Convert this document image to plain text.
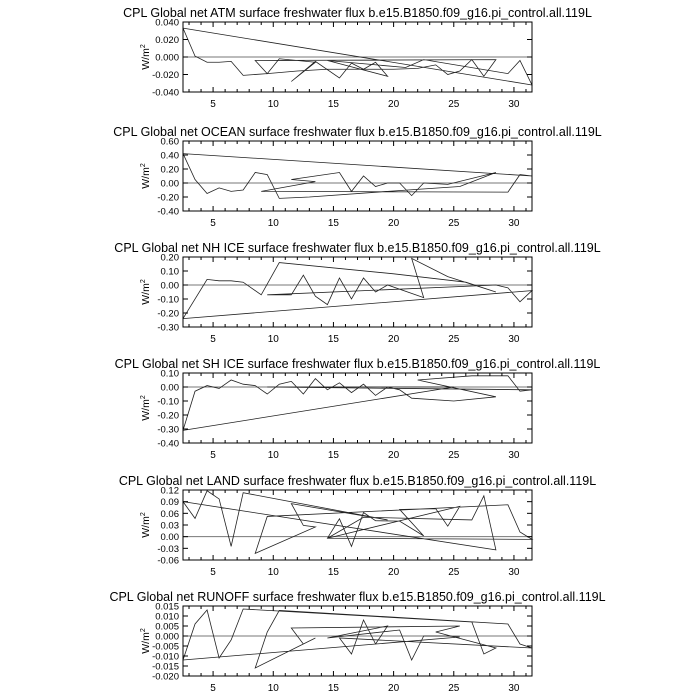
CPL Global net ATM surface freshwater flux b.e15.B1850.f09_g16.pi_control.all.119L
5	10	15	20	25	30
0.040
0.020
0.000
-0.020
-0.040
$W/m^2$
CPL Global net OCEAN surface freshwater flux b.e15.B1850.f09_g16.pi_control.all.119L
5	10	15	20	25	30
0.60
0.40
0.20
0.00
-0.20
-0.40
$W/m^2$
CPL Global net NH ICE surface freshwater flux b.e15.B1850.f09_g16.pi_control.all.119L
5	10	15	20	25	30
0.20
0.10
0.00
-0.10
-0.20
-0.30
$W/m^2$
CPL Global net SH ICE surface freshwater flux b.e15.B1850.f09_g16.pi_control.all.119L
5	10	15	20	25	30
0.10
0.00
-0.10
-0.20
-0.30
-0.40
$W/m^2$
CPL Global net LAND surface freshwater flux b.e15.B1850.f09_g16.pi_control.all.119L
5	10	15	20	25	30
0.12
0.09
0.06
0.03
0.00
-0.03
-0.06
$W/m^2$
CPL Global net RUNOFF surface freshwater flux b.e15.B1850.f09_g16.pi_control.all.119L
5	10	15	20	25	30
0.015
0.010
0.005
0.000
-0.005
-0.010
-0.015
-0.020
$W/m^2$
